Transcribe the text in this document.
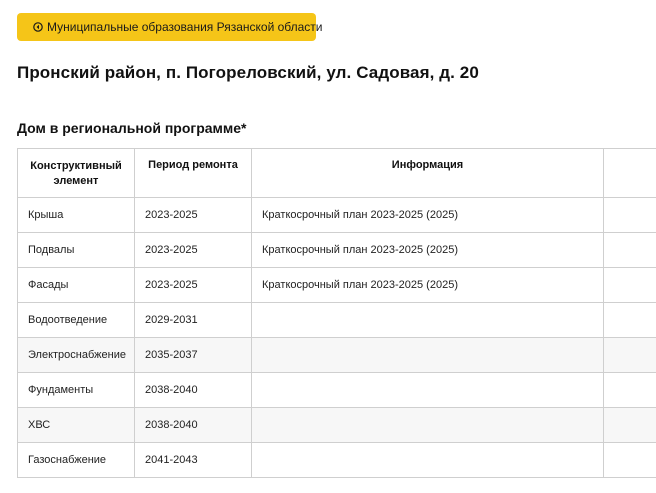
Муниципальные образования Рязанской области
Пронский район, п. Погореловский, ул. Садовая, д. 20
Дом в региональной программе*
Конструктивный элемент	Период ремонта	Информация	
Крыша	2023-2025	Краткосрочный план 2023-2025 (2025)	
Подвалы	2023-2025	Краткосрочный план 2023-2025 (2025)	
Фасады	2023-2025	Краткосрочный план 2023-2025 (2025)	
Водоотведение	2029-2031		
Электроснабжение	2035-2037		
Фундаменты	2038-2040		
ХВС	2038-2040		
Газоснабжение	2041-2043		
